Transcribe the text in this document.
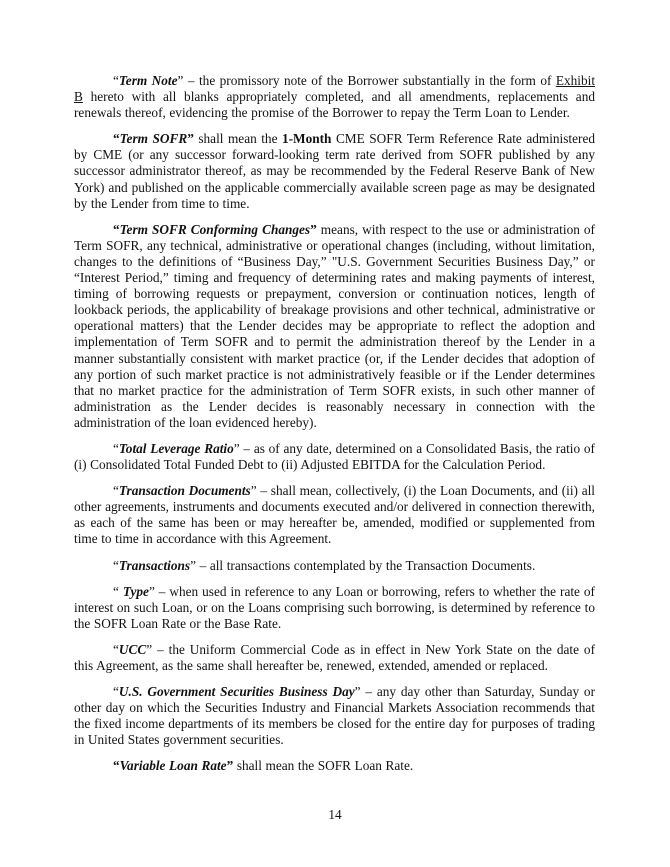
“Term Note” – the promissory note of the Borrower substantially in the form of Exhibit B hereto with all blanks appropriately completed, and all amendments, replacements and renewals thereof, evidencing the promise of the Borrower to repay the Term Loan to Lender.

“Term SOFR” shall mean the 1-Month CME SOFR Term Reference Rate administered by CME (or any successor forward-looking term rate derived from SOFR published by any successor administrator thereof, as may be recommended by the Federal Reserve Bank of New York) and published on the applicable commercially available screen page as may be designated by the Lender from time to time.

“Term SOFR Conforming Changes” means, with respect to the use or administration of Term SOFR, any technical, administrative or operational changes (including, without limitation, changes to the definitions of “Business Day,” "U.S. Government Securities Business Day,” or “Interest Period,” timing and frequency of determining rates and making payments of interest, timing of borrowing requests or prepayment, conversion or continuation notices, length of lookback periods, the applicability of breakage provisions and other technical, administrative or operational matters) that the Lender decides may be appropriate to reflect the adoption and implementation of Term SOFR and to permit the administration thereof by the Lender in a manner substantially consistent with market practice (or, if the Lender decides that adoption of any portion of such market practice is not administratively feasible or if the Lender determines that no market practice for the administration of Term SOFR exists, in such other manner of administration as the Lender decides is reasonably necessary in connection with the administration of the loan evidenced hereby).

“Total Leverage Ratio” – as of any date, determined on a Consolidated Basis, the ratio of (i) Consolidated Total Funded Debt to (ii) Adjusted EBITDA for the Calculation Period.

“Transaction Documents” – shall mean, collectively, (i) the Loan Documents, and (ii) all other agreements, instruments and documents executed and/or delivered in connection therewith, as each of the same has been or may hereafter be, amended, modified or supplemented from time to time in accordance with this Agreement.

“Transactions” – all transactions contemplated by the Transaction Documents.

“ Type” – when used in reference to any Loan or borrowing, refers to whether the rate of interest on such Loan, or on the Loans comprising such borrowing, is determined by reference to the SOFR Loan Rate or the Base Rate.

“UCC” – the Uniform Commercial Code as in effect in New York State on the date of this Agreement, as the same shall hereafter be, renewed, extended, amended or replaced.

“U.S. Government Securities Business Day” – any day other than Saturday, Sunday or other day on which the Securities Industry and Financial Markets Association recommends that the fixed income departments of its members be closed for the entire day for purposes of trading in United States government securities.

“Variable Loan Rate” shall mean the SOFR Loan Rate.

14
